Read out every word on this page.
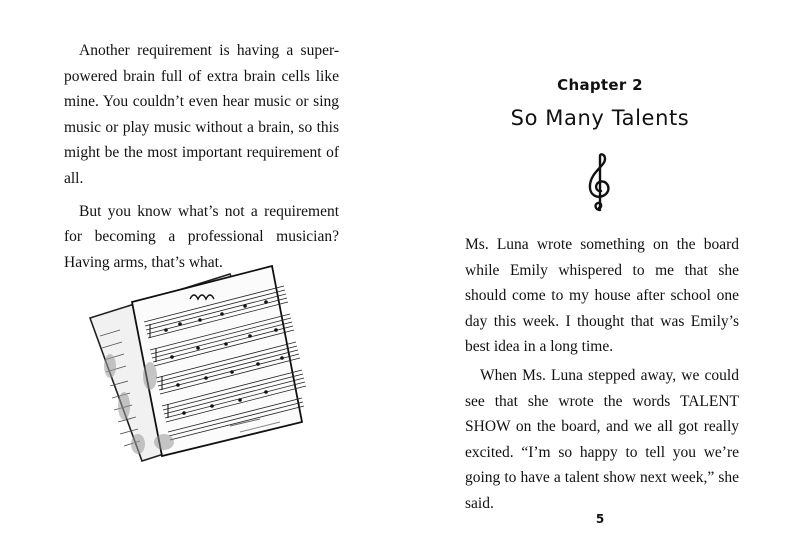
Another requirement is having a super-powered brain full of extra brain cells like mine. You couldn’t even hear music or sing music or play music without a brain, so this might be the most important requirement of all.

But you know what’s not a requirement for becoming a professional musician? Having arms, that’s what.

Chapter 2
So Many Talents

Ms. Luna wrote something on the board while Emily whispered to me that she should come to my house after school one day this week. I thought that was Emily’s best idea in a long time.

When Ms. Luna stepped away, we could see that she wrote the words TALENT SHOW on the board, and we all got really excited. “I’m so happy to tell you we’re going to have a talent show next week,” she said.

5
